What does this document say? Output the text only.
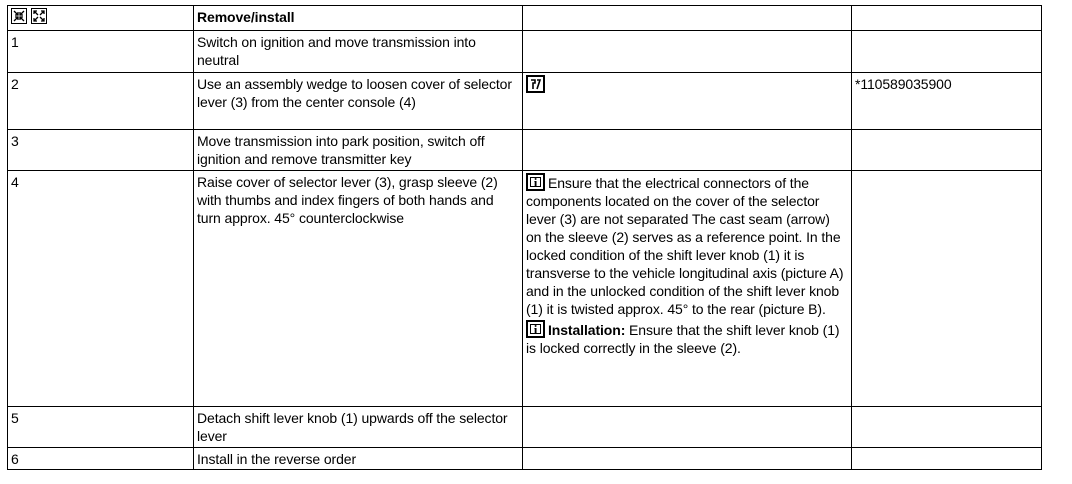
	Remove/install		
1	Switch on ignition and move transmission into neutral		
2	Use an assembly wedge to loosen cover of selector lever (3) from the center console (4)		*110589035900
3	Move transmission into park position, switch off ignition and remove transmitter key		
4	Raise cover of selector lever (3), grasp sleeve (2) with thumbs and index fingers of both hands and turn approx. 45° counterclockwise	i Ensure that the electrical connectors of the components located on the cover of the selector lever (3) are not separated The cast seam (arrow) on the sleeve (2) serves as a reference point. In the locked condition of the shift lever knob (1) it is transverse to the vehicle longitudinal axis (picture A) and in the unlocked condition of the shift lever knob (1) it is twisted approx. 45° to the rear (picture B).

i Installation: Ensure that the shift lever knob (1) is locked correctly in the sleeve (2).	

5	Detach shift lever knob (1) upwards off the selector lever		
6	Install in the reverse order		
